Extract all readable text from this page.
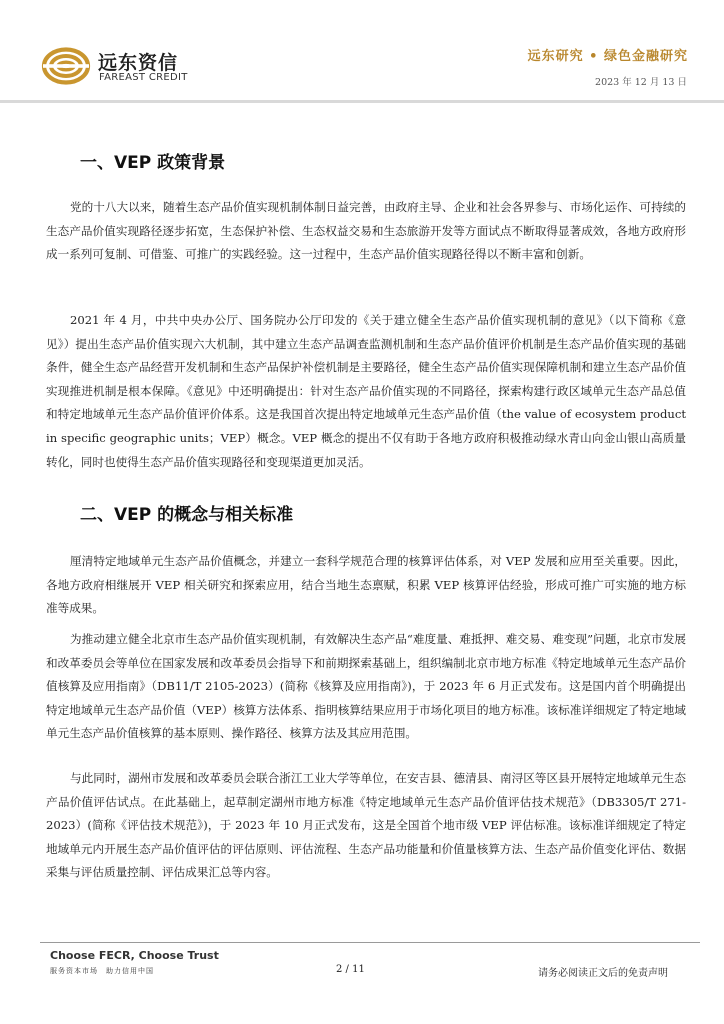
远东资信
FAREAST CREDIT
远东研究 • 绿色金融研究
2023 年 12 月 13 日
一、VEP 政策背景

党的十八大以来，随着生态产品价值实现机制体制日益完善，由政府主导、企业和社会各界参与、市场化运作、可持续的生态产品价值实现路径逐步拓宽，生态保护补偿、生态权益交易和生态旅游开发等方面试点不断取得显著成效，各地方政府形成一系列可复制、可借鉴、可推广的实践经验。这一过程中，生态产品价值实现路径得以不断丰富和创新。

2021 年 4 月，中共中央办公厅、国务院办公厅印发的《关于建立健全生态产品价值实现机制的意见》（以下简称《意见》）提出生态产品价值实现六大机制，其中建立生态产品调查监测机制和生态产品价值评价机制是生态产品价值实现的基础条件，健全生态产品经营开发机制和生态产品保护补偿机制是主要路径，健全生态产品价值实现保障机制和建立生态产品价值实现推进机制是根本保障。《意见》中还明确提出：针对生态产品价值实现的不同路径，探索构建行政区域单元生态产品总值和特定地域单元生态产品价值评价体系。这是我国首次提出特定地域单元生态产品价值（the value of ecosystem product in specific geographic units；VEP）概念。VEP 概念的提出不仅有助于各地方政府积极推动绿水青山向金山银山高质量转化，同时也使得生态产品价值实现路径和变现渠道更加灵活。

二、VEP 的概念与相关标准

厘清特定地域单元生态产品价值概念，并建立一套科学规范合理的核算评估体系，对 VEP 发展和应用至关重要。因此，各地方政府相继展开 VEP 相关研究和探索应用，结合当地生态禀赋，积累 VEP 核算评估经验，形成可推广可实施的地方标准等成果。

为推动建立健全北京市生态产品价值实现机制，有效解决生态产品“难度量、难抵押、难交易、难变现”问题，北京市发展和改革委员会等单位在国家发展和改革委员会指导下和前期探索基础上，组织编制北京市地方标准《特定地域单元生态产品价值核算及应用指南》（DB11/T 2105-2023）(简称《核算及应用指南》)，于 2023 年 6 月正式发布。这是国内首个明确提出特定地域单元生态产品价值（VEP）核算方法体系、指明核算结果应用于市场化项目的地方标准。该标准详细规定了特定地域单元生态产品价值核算的基本原则、操作路径、核算方法及其应用范围。

与此同时，湖州市发展和改革委员会联合浙江工业大学等单位，在安吉县、德清县、南浔区等区县开展特定地域单元生态产品价值评估试点。在此基础上，起草制定湖州市地方标准《特定地域单元生态产品价值评估技术规范》（DB3305/T 271-2023）(简称《评估技术规范》)，于 2023 年 10 月正式发布，这是全国首个地市级 VEP 评估标准。该标准详细规定了特定地域单元内开展生态产品价值评估的评估原则、评估流程、生态产品功能量和价值量核算方法、生态产品价值变化评估、数据采集与评估质量控制、评估成果汇总等内容。

Choose FECR, Choose Trust
服务资本市场　助力信用中国	2 / 11	请务必阅读正文后的免责声明
